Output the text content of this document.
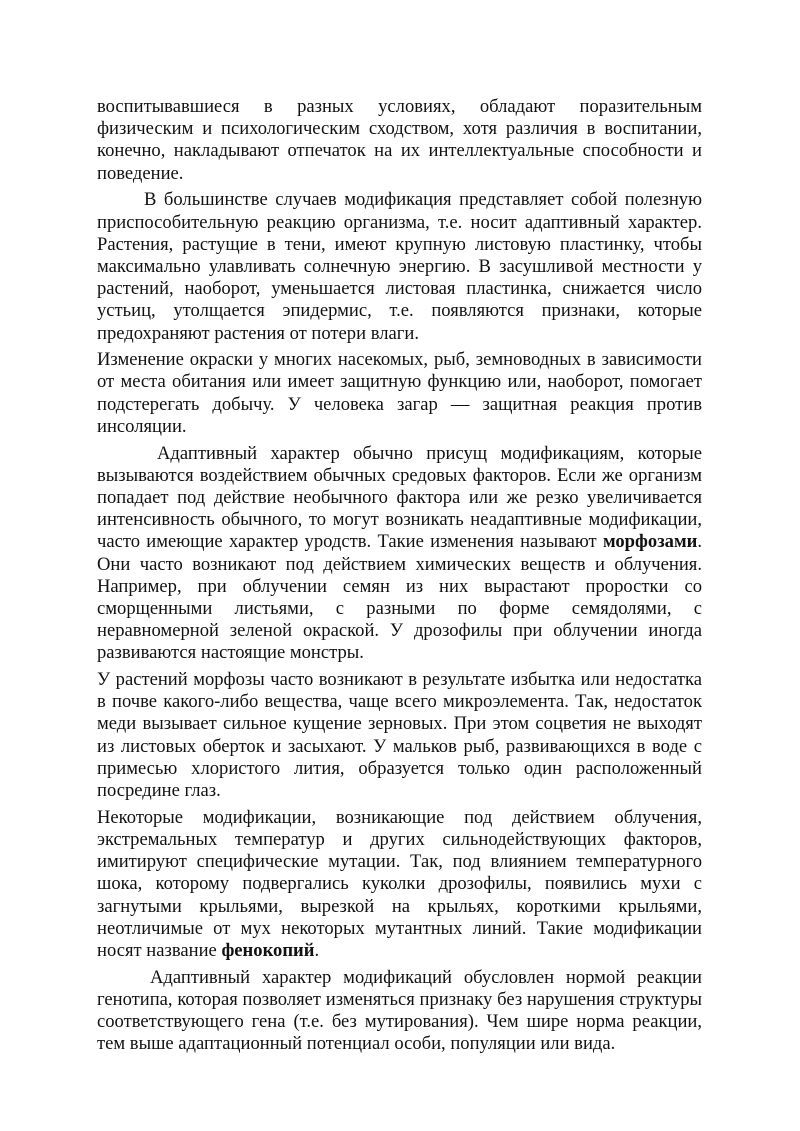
воспитывавшиеся в разных условиях, обладают поразительным физическим и психологическим сходством, хотя различия в воспитании, конечно, накладывают отпечаток на их интеллектуальные способности и поведение.

В большинстве случаев модификация представляет собой полезную приспособительную реакцию организма, т.е. носит адаптивный характер. Растения, растущие в тени, имеют крупную листовую пластинку, чтобы максимально улавливать солнечную энергию. В засушливой местности у растений, наоборот, уменьшается листовая пластинка, снижается число устьиц, утолщается эпидермис, т.е. появляются признаки, которые предохраняют растения от потери влаги.

Изменение окраски у многих насекомых, рыб, земноводных в зависимости от места обитания или имеет защитную функцию или, наоборот, помогает подстерегать добычу. У человека загар — защитная реакция против инсоляции.

Адаптивный характер обычно присущ модификациям, которые вызываются воздействием обычных средовых факторов. Если же организм попадает под действие необычного фактора или же резко увеличивается интенсивность обычного, то могут возникать неадаптивные модификации, часто имеющие характер уродств. Такие изменения называют морфозами. Они часто возникают под действием химических веществ и облучения. Например, при облучении семян из них вырастают проростки со сморщенными листьями, с разными по форме семядолями, с неравномерной зеленой окраской. У дрозофилы при облучении иногда развиваются настоящие монстры.

У растений морфозы часто возникают в результате избытка или недостатка в почве какого-либо вещества, чаще всего микроэлемента. Так, недостаток меди вызывает сильное кущение зерновых. При этом соцветия не выходят из листовых оберток и засыхают. У мальков рыб, развивающихся в воде с примесью хлористого лития, образуется только один расположенный посредине глаз.

Некоторые модификации, возникающие под действием облучения, экстремальных температур и других сильнодействующих факторов, имитируют специфические мутации. Так, под влиянием температурного шока, которому подвергались куколки дрозофилы, появились мухи с загнутыми крыльями, вырезкой на крыльях, короткими крыльями, неотличимые от мух некоторых мутантных линий. Такие модификации носят название фенокопий.

Адаптивный характер модификаций обусловлен нормой реакции генотипа, которая позволяет изменяться признаку без нарушения структуры соответствующего гена (т.е. без мутирования). Чем шире норма реакции, тем выше адаптационный потенциал особи, популяции или вида.
